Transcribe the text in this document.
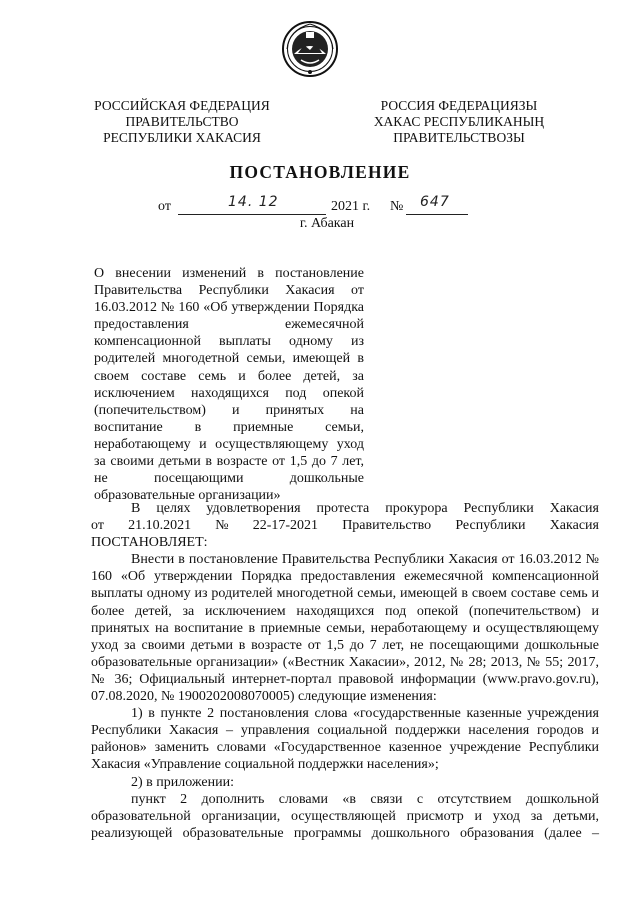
РОССИЙСКАЯ ФЕДЕРАЦИЯ
ПРАВИТЕЛЬСТВО
РЕСПУБЛИКИ ХАКАСИЯ
РОССИЯ ФЕДЕРАЦИЯЗЫ
ХАКАС РЕСПУБЛИКАНЫҢ
ПРАВИТЕЛЬСТВОЗЫ
ПОСТАНОВЛЕНИЕ
от	14. 12	2021 г. № 647
г. Абакан
О внесении изменений в постановление Правительства Республики Хакасия от 16.03.2012 № 160 «Об утверждении Порядка предоставления ежемесячной компенсационной выплаты одному из родителей многодетной семьи, имеющей в своем составе семь и более детей, за исключением находящихся под опекой (попечительством) и принятых на воспитание в приемные семьи, неработающему и осуществляющему уход за своими детьми в возрасте от 1,5 до 7 лет, не посещающими дошкольные образовательные организации»

В целях удовлетворения протеста прокурора Республики Хакасия

от 21.10.2021 № 22-17-2021 Правительство Республики Хакасия

ПОСТАНОВЛЯЕТ:

Внести в постановление Правительства Республики Хакасия от 16.03.2012 № 160 «Об утверждении Порядка предоставления ежемесячной компенсационной выплаты одному из родителей многодетной семьи, имеющей в своем составе семь и более детей, за исключением находящихся под опекой (попечительством) и принятых на воспитание в приемные семьи, неработающему и осуществляющему уход за своими детьми в возрасте от 1,5 до 7 лет, не посещающими дошкольные образовательные организации» («Вестник Хакасии», 2012, № 28; 2013, № 55; 2017, № 36; Официальный интернет-портал правовой информации (www.pravo.gov.ru), 07.08.2020, № 1900202008070005) следующие изменения:

1) в пункте 2 постановления слова «государственные казенные учреждения Республики Хакасия – управления социальной поддержки населения городов и районов» заменить словами «Государственное казенное учреждение Республики Хакасия «Управление социальной поддержки населения»;

2) в приложении:

пункт 2 дополнить словами «в связи с отсутствием дошкольной образовательной организации, осуществляющей присмотр и уход за детьми, реализующей образовательные программы дошкольного образования (далее –
